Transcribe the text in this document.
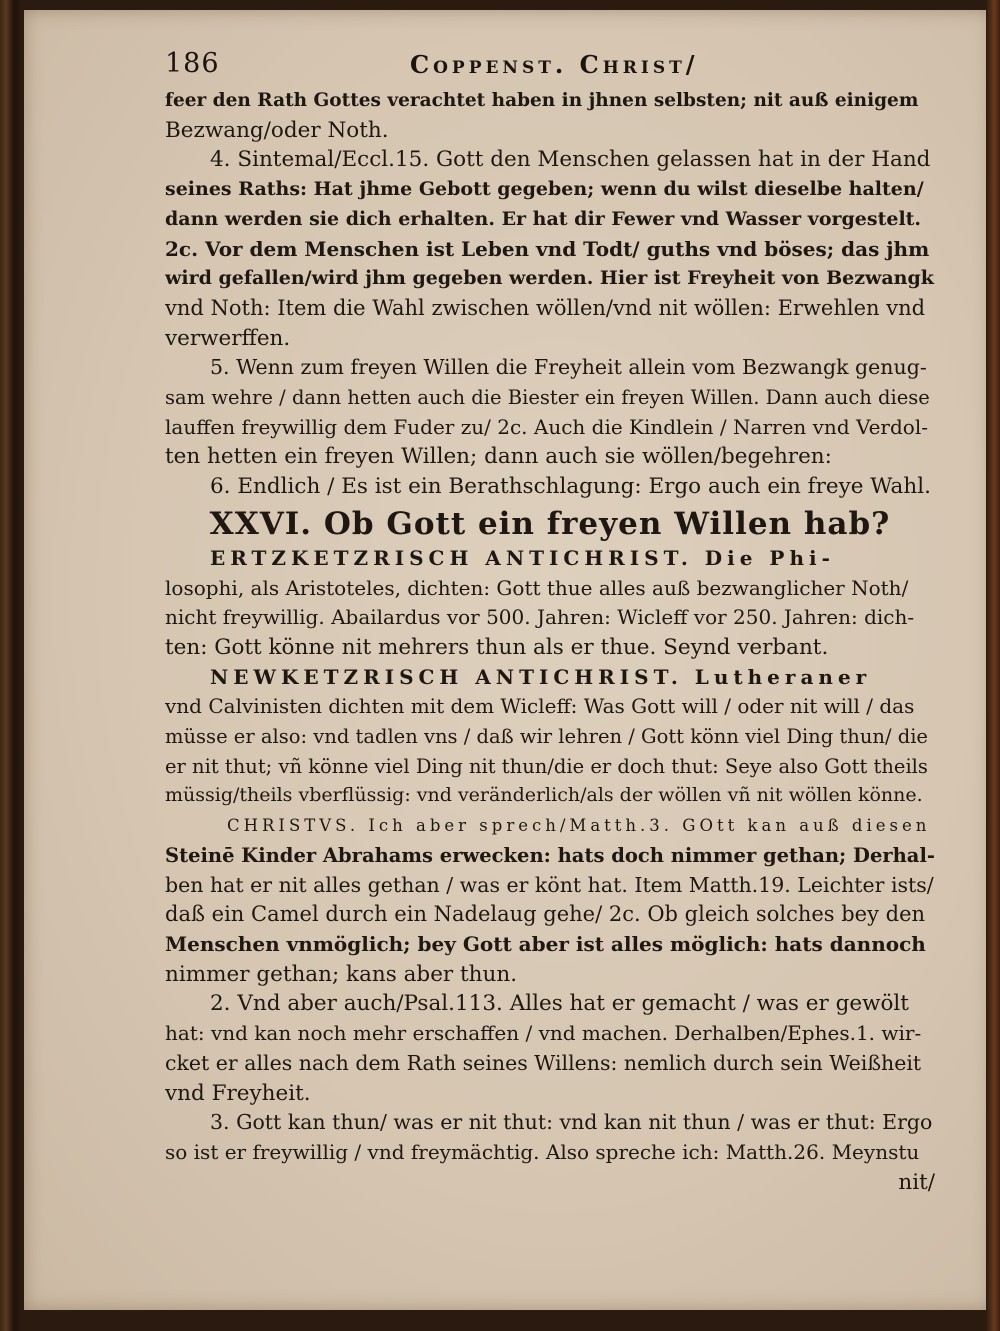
186	Coppenst. Christ/
feer den Rath Gottes verachtet haben in jhnen selbsten; nit auß einigem
Bezwang/oder Noth.
4. Sintemal/Eccl.15. Gott den Menschen gelassen hat in der Hand
seines Raths: Hat jhme Gebott gegeben; wenn du wilst dieselbe halten/
dann werden sie dich erhalten. Er hat dir Fewer vnd Wasser vorgestelt.
2c. Vor dem Menschen ist Leben vnd Todt/ guths vnd böses; das jhm
wird gefallen/wird jhm gegeben werden. Hier ist Freyheit von Bezwangk
vnd Noth: Item die Wahl zwischen wöllen/vnd nit wöllen: Erwehlen vnd
verwerffen.
5. Wenn zum freyen Willen die Freyheit allein vom Bezwangk genug-
sam wehre / dann hetten auch die Biester ein freyen Willen. Dann auch diese
lauffen freywillig dem Fuder zu/ 2c. Auch die Kindlein / Narren vnd Verdol-
ten hetten ein freyen Willen; dann auch sie wöllen/begehren:
6. Endlich / Es ist ein Berathschlagung: Ergo auch ein freye Wahl.
XXVI. Ob Gott ein freyen Willen hab?
ERTZKETZRISCH ANTICHRIST. Die Phi-
losophi, als Aristoteles, dichten: Gott thue alles auß bezwanglicher Noth/
nicht freywillig. Abailardus vor 500. Jahren: Wicleff vor 250. Jahren: dich-
ten: Gott könne nit mehrers thun als er thue. Seynd verbant.
NEWKETZRISCH ANTICHRIST. Lutheraner
vnd Calvinisten dichten mit dem Wicleff: Was Gott will / oder nit will / das
müsse er also: vnd tadlen vns / daß wir lehren / Gott könn viel Ding thun/ die
er nit thut; vñ könne viel Ding nit thun/die er doch thut: Seye also Gott theils
müssig/theils vberflüssig: vnd veränderlich/als der wöllen vñ nit wöllen könne.
CHRISTVS. Ich aber sprech/Matth.3. GOtt kan auß diesen
Steinē Kinder Abrahams erwecken: hats doch nimmer gethan; Derhal-
ben hat er nit alles gethan / was er könt hat. Item Matth.19. Leichter ists/
daß ein Camel durch ein Nadelaug gehe/ 2c. Ob gleich solches bey den
Menschen vnmöglich; bey Gott aber ist alles möglich: hats dannoch
nimmer gethan; kans aber thun.
2. Vnd aber auch/Psal.113. Alles hat er gemacht / was er gewölt
hat: vnd kan noch mehr erschaffen / vnd machen. Derhalben/Ephes.1. wir-
cket er alles nach dem Rath seines Willens: nemlich durch sein Weißheit
vnd Freyheit.
3. Gott kan thun/ was er nit thut: vnd kan nit thun / was er thut: Ergo
so ist er freywillig / vnd freymächtig. Also spreche ich: Matth.26. Meynstu
nit/
